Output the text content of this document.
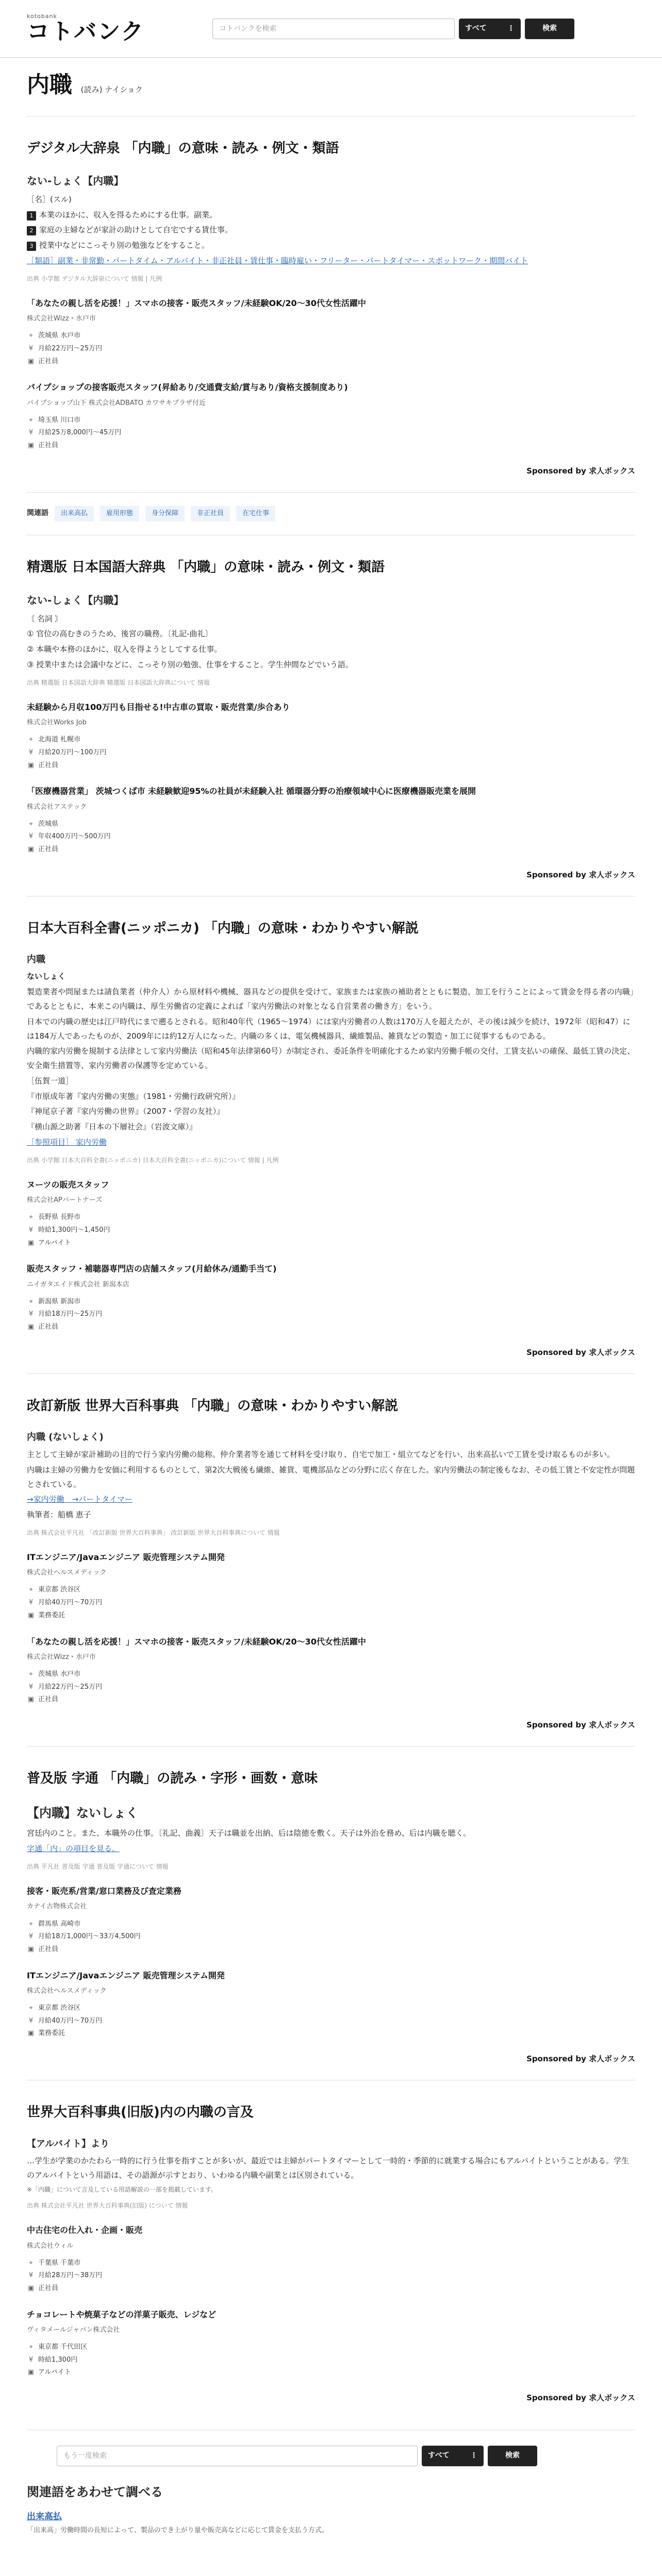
kotobank
コトバンク
コトバンクを検索	すべて	⋮	検索
内職 (読み) ナイショク
デジタル大辞泉 「内職」の意味・読み・例文・類語
ない‐しょく【内職】

［名］(スル)

1 本業のほかに、収入を得るためにする仕事。副業。

2 家庭の主婦などが家計の助けとして自宅でする賃仕事。

3 授業中などにこっそり別の勉強などをすること。

［類語］副業・非常勤・パートタイム・アルバイト・非正社員・賃仕事・臨時雇い・フリーター・パートタイマー・スポットワーク・期間バイト

出典 小学館 デジタル大辞泉について 情報 | 凡例
「あなたの親し活を応援！」スマホの接客・販売スタッフ/未経験OK/20～30代女性活躍中
株式会社Wizz・水戸市
⌖ 茨城県 水戸市
¥ 月給22万円～25万円
▣ 正社員
パイプショップの接客販売スタッフ(昇給あり/交通費支給/賞与あり/資格支援制度あり)
パイプショップ山下 株式会社ADBATO カワサキプラザ付近
⌖ 埼玉県 川口市
¥ 月給25万8,000円～45万円
▣ 正社員
Sponsored by 求人ボックス
関連語	出来高払	雇用形態	身分保障	非正社員	在宅仕事
精選版 日本国語大辞典 「内職」の意味・読み・例文・類語
ない‐しょく【内職】

〘 名詞 〙

① 官位の高むきのうため、後宮の職務。〔礼記‐曲礼〕

② 本職や本務のほかに、収入を得ようとしてする仕事。

③ 授業中または会議中などに、こっそり別の勉強、仕事をすること。学生仲間などでいう語。

出典 精選版 日本国語大辞典 精選版 日本国語大辞典について 情報
未経験から月収100万円も目指せる!中古車の買取・販売営業/歩合あり
株式会社Works Job
⌖ 北海道 札幌市
¥ 月給20万円～100万円
▣ 正社員
「医療機器営業」 茨城つくば市 未経験歓迎95%の社員が未経験入社 循環器分野の治療領域中心に医療機器販売業を展開
株式会社アステック
⌖ 茨城県
¥ 年収400万円～500万円
▣ 正社員
Sponsored by 求人ボックス
日本大百科全書(ニッポニカ) 「内職」の意味・わかりやすい解説
内職
ないしょく

製造業者や問屋または請負業者（仲介人）から原材料や機械、器具などの提供を受けて、家族または家族の補助者とともに製造、加工を行うことによって賃金を得る者の内職」であるとともに、本来この内職は、厚生労働省の定義によれば「家内労働法の対象となる自営業者の働き方」をいう。

日本での内職の歴史は江戸時代にまで遡るとされる。昭和40年代（1965～1974）には家内労働者の人数は170万人を超えたが、その後は減少を続け、1972年（昭和47）には184万人であったものが、2009年には約12万人になった。内職の多くは、電気機械器具、繊維製品、雑貨などの製造・加工に従事するものである。

内職的家内労働を規制する法律として家内労働法（昭和45年法律第60号）が制定され、委託条件を明確化するため家内労働手帳の交付、工賃支払いの確保、最低工賃の決定、安全衛生措置等、家内労働者の保護等を定めている。

［伍賀一道］

『市原成年著『家内労働の実態』（1981・労働行政研究所）』

『神尾京子著『家内労働の世界』（2007・学習の友社）』

『横山源之助著『日本の下層社会』（岩波文庫）』

［参照項目］ 家内労働

出典 小学館 日本大百科全書(ニッポニカ) 日本大百科全書(ニッポニカ)について 情報 | 凡例
ヌーツの販売スタッフ
株式会社APパートナーズ
⌖ 長野県 長野市
¥ 時給1,300円～1,450円
▣ アルバイト
販売スタッフ・補聴器専門店の店舗スタッフ(月給休み/通勤手当て)
ニイガタエイド株式会社 新潟本店
⌖ 新潟県 新潟市
¥ 月給18万円～25万円
▣ 正社員
Sponsored by 求人ボックス
改訂新版 世界大百科事典 「内職」の意味・わかりやすい解説
内職 (ないしょく)

主として主婦が家計補助の目的で行う家内労働の総称。仲介業者等を通じて材料を受け取り、自宅で加工・組立てなどを行い、出来高払いで工賃を受け取るものが多い。

内職は主婦の労働力を安価に利用するものとして、第2次大戦後も繊維、雑貨、電機部品などの分野に広く存在した。家内労働法の制定後もなお、その低工賃と不安定性が問題とされている。

→家内労働　→パートタイマー

執筆者：船橋 恵子

出典 株式会社平凡社 「改訂新版 世界大百科事典」 改訂新版 世界大百科事典について 情報
ITエンジニア/Javaエンジニア 販売管理システム開発
株式会社ヘルスメディック
⌖ 東京都 渋谷区
¥ 月給40万円～70万円
▣ 業務委託
「あなたの親し活を応援！」スマホの接客・販売スタッフ/未経験OK/20～30代女性活躍中
株式会社Wizz・水戸市
⌖ 茨城県 水戸市
¥ 月給22万円～25万円
▣ 正社員
Sponsored by 求人ボックス
普及版 字通 「内職」の読み・字形・画数・意味
【内職】ないしょく

宮廷内のこと。また、本職外の仕事。〔礼記、曲義〕天子は職並を出納、后は陰徳を敷く。天子は外治を務め、后は内職を聴く。

字通「内」の項目を見る。

出典 平凡社 普及版 字通 普及版 字通について 情報
接客・販売系/営業/窓口業務及び査定業務
カナイ古物株式会社
⌖ 群馬県 高崎市
¥ 月給18万1,000円～33万4,500円
▣ 正社員
ITエンジニア/Javaエンジニア 販売管理システム開発
株式会社ヘルスメディック
⌖ 東京都 渋谷区
¥ 月給40万円～70万円
▣ 業務委託
Sponsored by 求人ボックス
世界大百科事典(旧版)内の内職の言及
【アルバイト】より

…学生が学業のかたわら一時的に行う仕事を指すことが多いが、最近では主婦がパートタイマーとして一時的・季節的に就業する場合にもアルバイトということがある。学生のアルバイトという用語は、その語源が示すとおり、いわゆる内職や副業とは区別されている。

※「内職」について言及している用語解説の一部を掲載しています。

出典 株式会社平凡社 世界大百科事典(旧版) について 情報
中古住宅の仕入れ・企画・販売
株式会社ウィル
⌖ 千葉県 千葉市
¥ 月給28万円～38万円
▣ 正社員
チョコレートや焼菓子などの洋菓子販売、レジなど
ヴィタメールジャパン株式会社
⌖ 東京都 千代田区
¥ 時給1,300円
▣ アルバイト
Sponsored by 求人ボックス
もう一度検索
すべて	⋮	検索
関連語をあわせて調べる
出来高払
「出来高」労働時間の長短によって、製品のでき上がり量や販売高などに応じて賃金を支払う方式。
